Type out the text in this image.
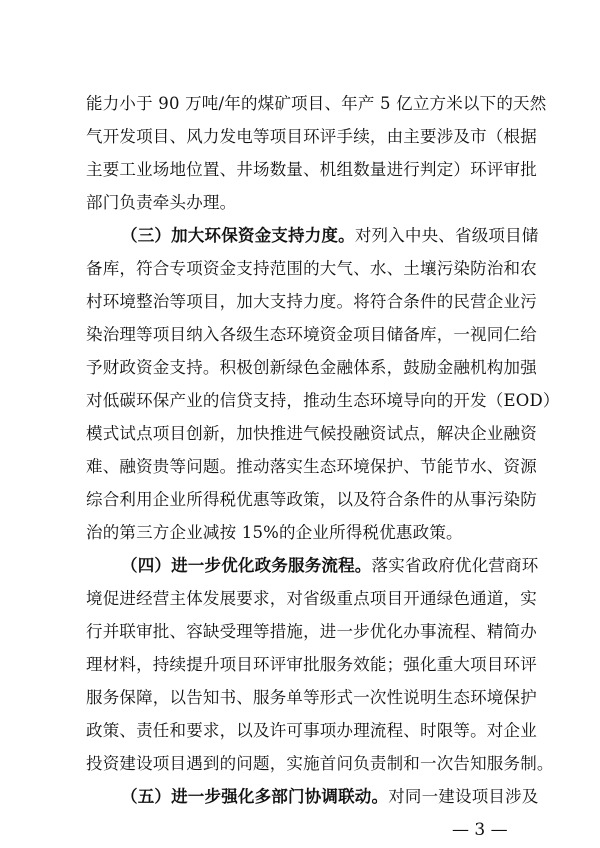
能力小于 90 万吨/年的煤矿项目、年产 5 亿立方米以下的天然
气开发项目、风力发电等项目环评手续，由主要涉及市（根据
主要工业场地位置、井场数量、机组数量进行判定）环评审批
部门负责牵头办理。
（三）加大环保资金支持力度。对列入中央、省级项目储
备库，符合专项资金支持范围的大气、水、土壤污染防治和农
村环境整治等项目，加大支持力度。将符合条件的民营企业污
染治理等项目纳入各级生态环境资金项目储备库，一视同仁给
予财政资金支持。积极创新绿色金融体系，鼓励金融机构加强
对低碳环保产业的信贷支持，推动生态环境导向的开发（EOD）
模式试点项目创新，加快推进气候投融资试点，解决企业融资
难、融资贵等问题。推动落实生态环境保护、节能节水、资源
综合利用企业所得税优惠等政策，以及符合条件的从事污染防
治的第三方企业减按 15%的企业所得税优惠政策。
（四）进一步优化政务服务流程。落实省政府优化营商环
境促进经营主体发展要求，对省级重点项目开通绿色通道，实
行并联审批、容缺受理等措施，进一步优化办事流程、精简办
理材料，持续提升项目环评审批服务效能；强化重大项目环评
服务保障，以告知书、服务单等形式一次性说明生态环境保护
政策、责任和要求，以及许可事项办理流程、时限等。对企业
投资建设项目遇到的问题，实施首问负责制和一次告知服务制。
（五）进一步强化多部门协调联动。对同一建设项目涉及
— 3 —
